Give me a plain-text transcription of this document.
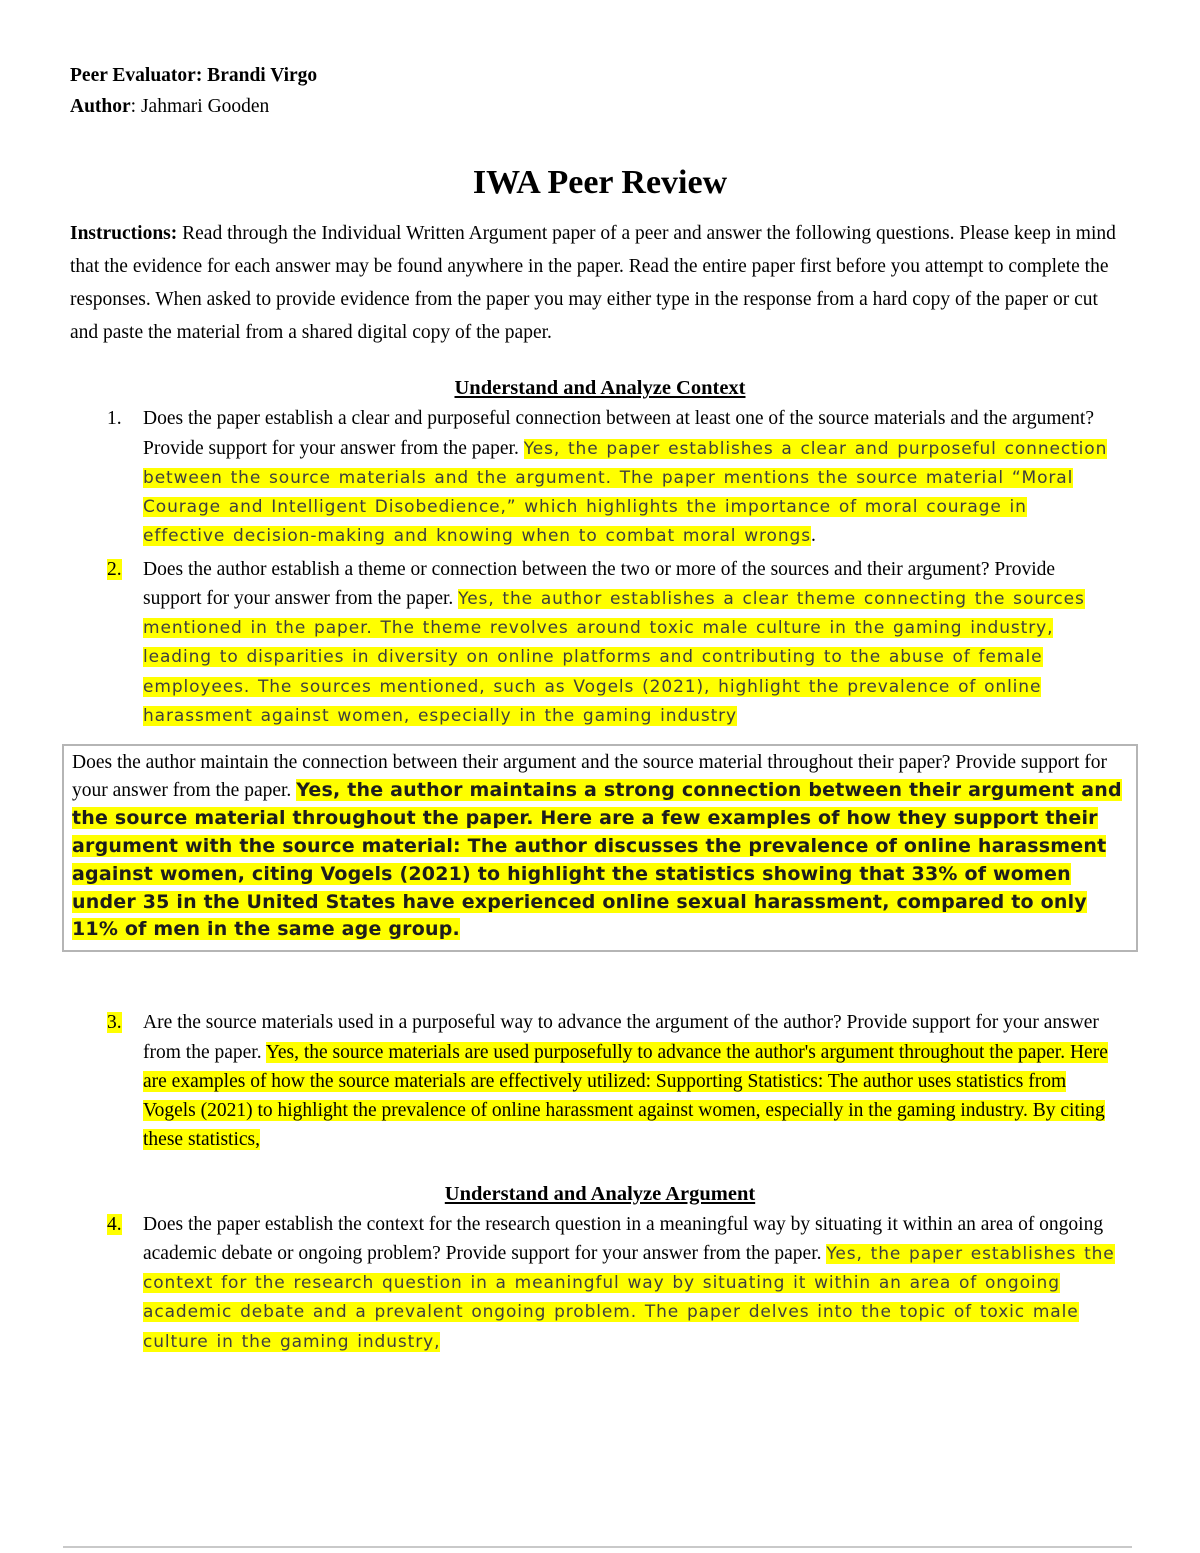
Peer Evaluator: Brandi Virgo

Author: Jahmari Gooden

IWA Peer Review

Instructions: Read through the Individual Written Argument paper of a peer and answer the following questions. Please keep in mind that the evidence for each answer may be found anywhere in the paper. Read the entire paper first before you attempt to complete the responses. When asked to provide evidence from the paper you may either type in the response from a hard copy of the paper or cut and paste the material from a shared digital copy of the paper.

Understand and Analyze Context
1.	Does the paper establish a clear and purposeful connection between at least one of the source materials and the argument? Provide support for your answer from the paper. Yes, the paper establishes a clear and purposeful connection between the source materials and the argument. The paper mentions the source material “Moral Courage and Intelligent Disobedience,” which highlights the importance of moral courage in effective decision-making and knowing when to combat moral wrongs.
2.	Does the author establish a theme or connection between the two or more of the sources and their argument? Provide support for your answer from the paper. Yes, the author establishes a clear theme connecting the sources mentioned in the paper. The theme revolves around toxic male culture in the gaming industry, leading to disparities in diversity on online platforms and contributing to the abuse of female employees. The sources mentioned, such as Vogels (2021), highlight the prevalence of online harassment against women, especially in the gaming industry
Does the author maintain the connection between their argument and the source material throughout their paper? Provide support for your answer from the paper. Yes, the author maintains a strong connection between their argument and the source material throughout the paper. Here are a few examples of how they support their argument with the source material: The author discusses the prevalence of online harassment against women, citing Vogels (2021) to highlight the statistics showing that 33% of women under 35 in the United States have experienced online sexual harassment, compared to only 11% of men in the same age group.
3.	Are the source materials used in a purposeful way to advance the argument of the author? Provide support for your answer from the paper. Yes, the source materials are used purposefully to advance the author's argument throughout the paper. Here are examples of how the source materials are effectively utilized: Supporting Statistics: The author uses statistics from Vogels (2021) to highlight the prevalence of online harassment against women, especially in the gaming industry. By citing these statistics,
Understand and Analyze Argument
4.	Does the paper establish the context for the research question in a meaningful way by situating it within an area of ongoing academic debate or ongoing problem? Provide support for your answer from the paper. Yes, the paper establishes the context for the research question in a meaningful way by situating it within an area of ongoing academic debate and a prevalent ongoing problem. The paper delves into the topic of toxic male culture in the gaming industry,
